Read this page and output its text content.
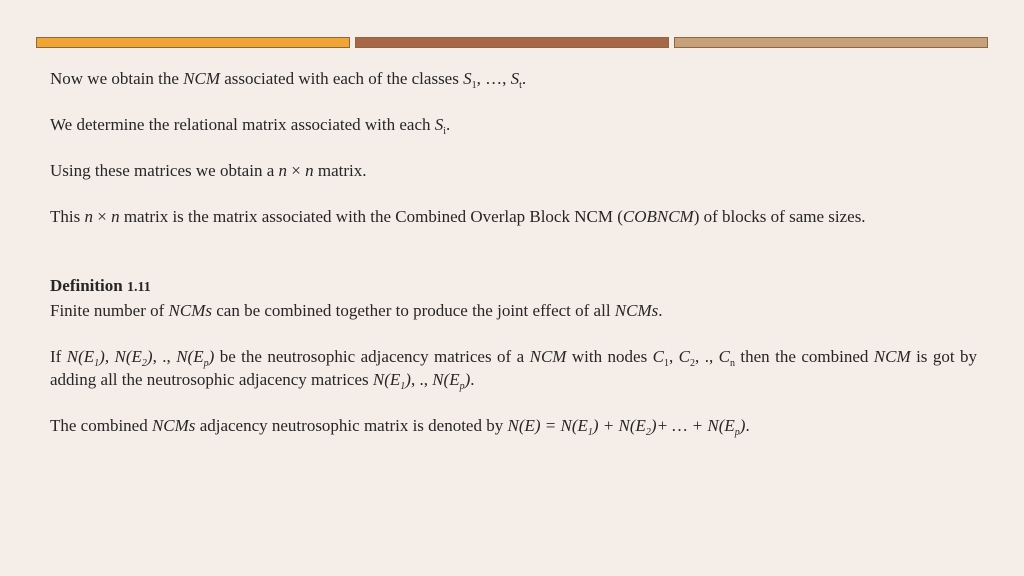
Now we obtain the NCM associated with each of the classes $S_1$, …, $S_t$.

We determine the relational matrix associated with each $S_i$.

Using these matrices we obtain a n × n matrix.

This n × n matrix is the matrix associated with the Combined Overlap Block NCM (COBNCM) of blocks of same sizes.

Definition 1.11

Finite number of NCMs can be combined together to produce the joint effect of all NCMs.

If $N(E_1)$, $N(E_2)$, ., $N(E_p)$ be the neutrosophic adjacency matrices of a NCM with nodes $C_1$, $C_2$, ., $C_n$ then the combined NCM is got by adding all the neutrosophic adjacency matrices $N(E_1)$, ., $N(E_p)$.

The combined NCMs adjacency neutrosophic matrix is denoted by $N(E) = N(E_1) + N(E_2)+$ … + $N(E_p)$.
